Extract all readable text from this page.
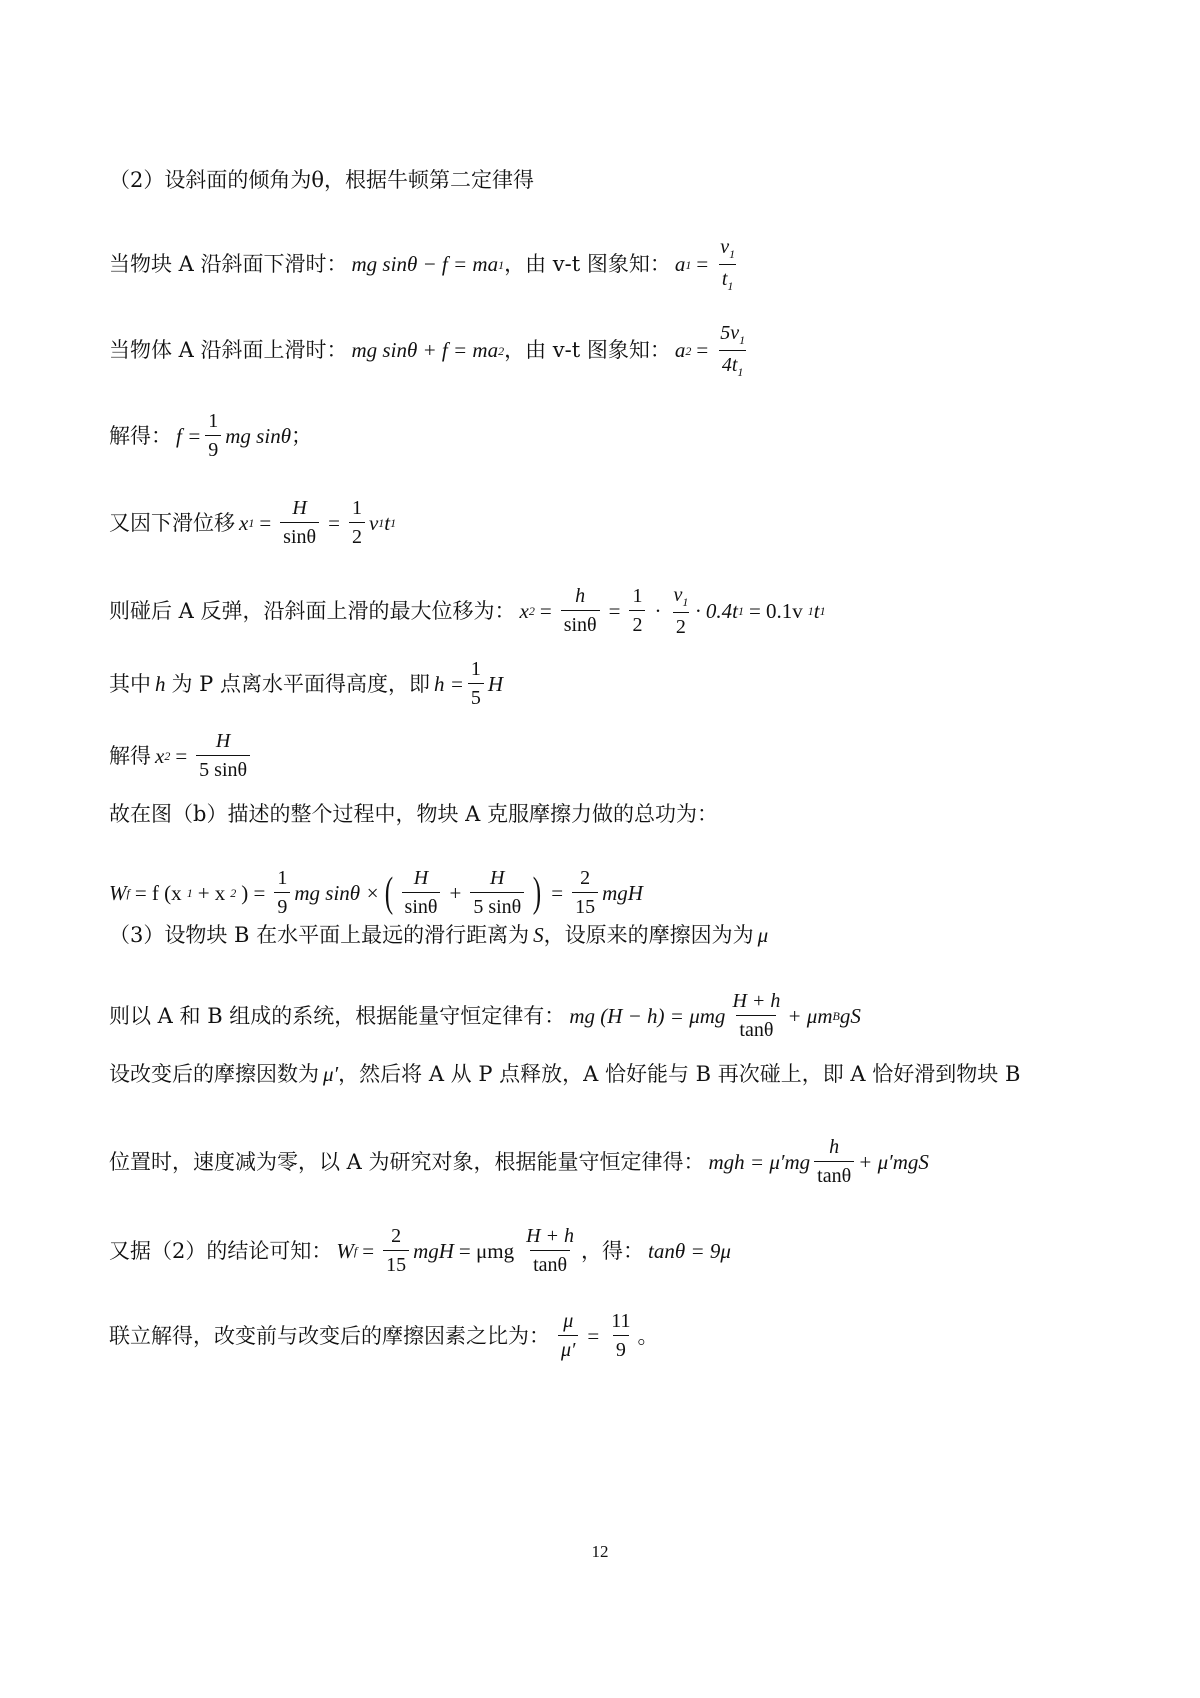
（2）设斜面的倾角为θ，根据牛顿第二定律得
当物块 A 沿斜面下滑时： mg sinθ − f = ma 1 ，由 v-t 图象知： a $1 = \frac{v_1}{t_1}$
当物体 A 沿斜面上滑时： mg sinθ + f = ma 2 ，由 v-t 图象知： a $2 = \frac{5v_1}{4t_1}$
解得： $f = \frac{1}{9}$ mg sinθ ；
又因下滑位移 x $1 = \frac{H}{\sin\theta} = \frac{1}{2}$ v 1 t 1
则碰后 A 反弹，沿斜面上滑的最大位移为： x $2 = \frac{h}{\sin\theta} = \frac{1}{2} \cdot \frac{v_1}{2} \cdot 0.4t$ 1 = 0.1v 1 t 1
其中 h 为 P 点离水平面得高度，即 $h = \frac{1}{5}$ H
解得 x $2 = \frac{H}{5 \sin\theta}$
故在图（b）描述的整个过程中，物块 A 克服摩擦力做的总功为：
W f = f (x 1 + x 2 ) = $\frac{1}{9}$ mg sinθ × ( $\frac{H}{\sin\theta} + \frac{H}{5 \sin\theta}$ ) = $\frac{2}{15}$ mgH
（3）设物块 B 在水平面上最远的滑行距离为 S ，设原来的摩擦因为为 μ
则以 A 和 B 组成的系统，根据能量守恒定律有： mg (H − h) = μmg $\frac{H + h}{\tan\theta} + \mu m$ B gS
设改变后的摩擦因数为 μ′ ，然后将 A 从 P 点释放，A 恰好能与 B 再次碰上，即 A 恰好滑到物块 B
位置时，速度减为零，以 A 为研究对象，根据能量守恒定律得： mgh = $\mu'mg \frac{h}{\tan\theta} + \mu'mgS$
又据（2）的结论可知： W $f = \frac{2}{15}$ mgH = μmg $\frac{H + h}{\tan\theta}$ ，得： tanθ = 9μ
联立解得，改变前与改变后的摩擦因素之比为： $\frac{\mu}{\mu'} = \frac{11}{9}$ 。
12
